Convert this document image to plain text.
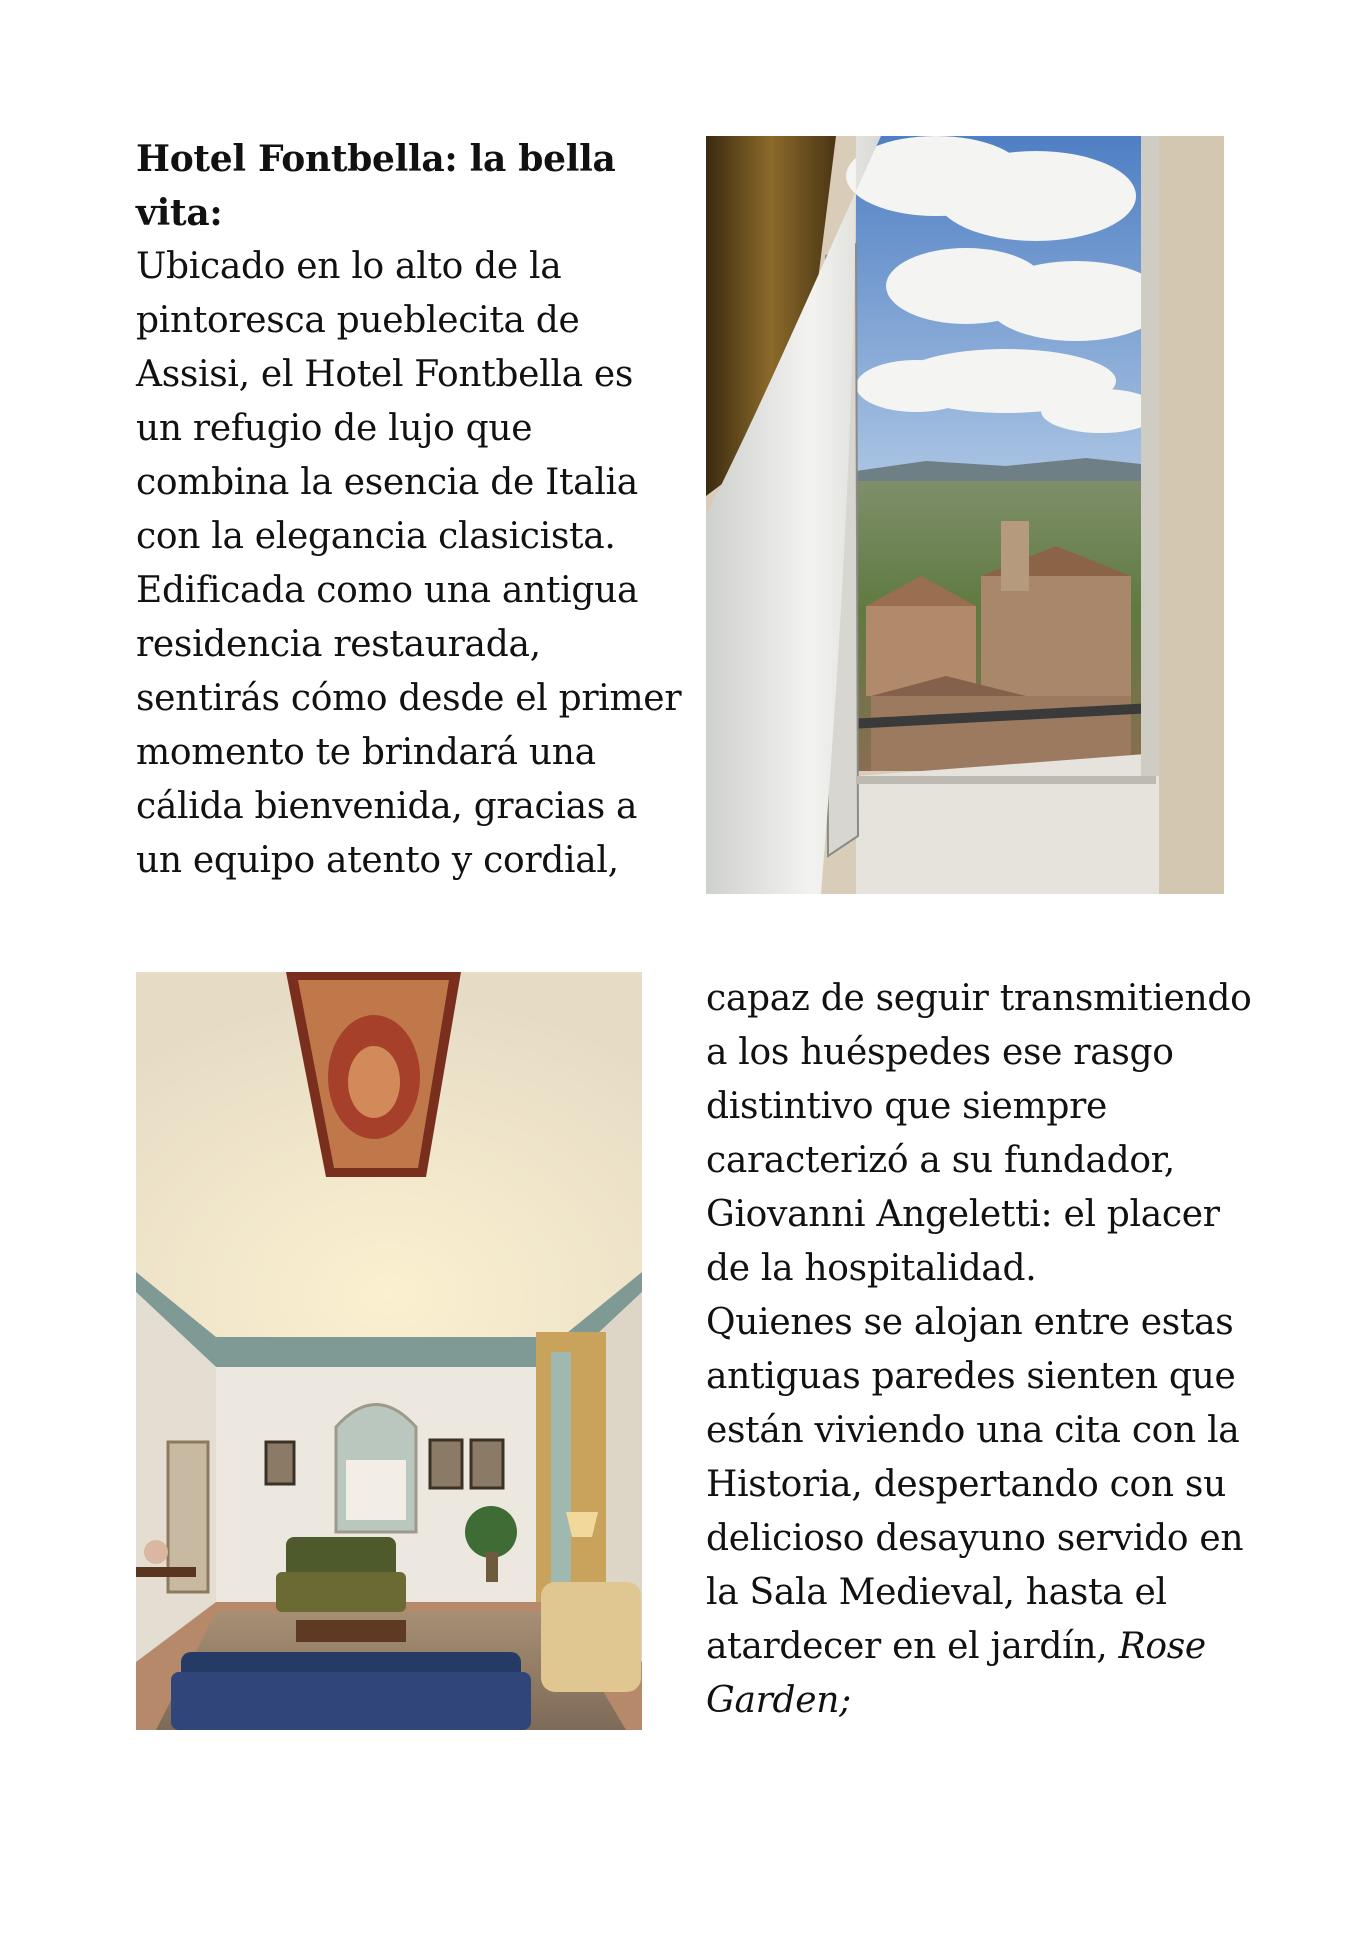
Hotel Fontbella: la bella
vita:
Ubicado en lo alto de la
pintoresca pueblecita de
Assisi, el Hotel Fontbella es
un refugio de lujo que
combina la esencia de Italia
con la elegancia clasicista.
Edificada como una antigua
residencia restaurada,
sentirás cómo desde el primer
momento te brindará una
cálida bienvenida, gracias a
un equipo atento y cordial,
capaz de seguir transmitiendo
a los huéspedes ese rasgo
distintivo que siempre
caracterizó a su fundador,
Giovanni Angeletti: el placer
de la hospitalidad.
Quienes se alojan entre estas
antiguas paredes sienten que
están viviendo una cita con la
Historia, despertando con su
delicioso desayuno servido en
la Sala Medieval, hasta el
atardecer en el jardín, Rose
Garden;
